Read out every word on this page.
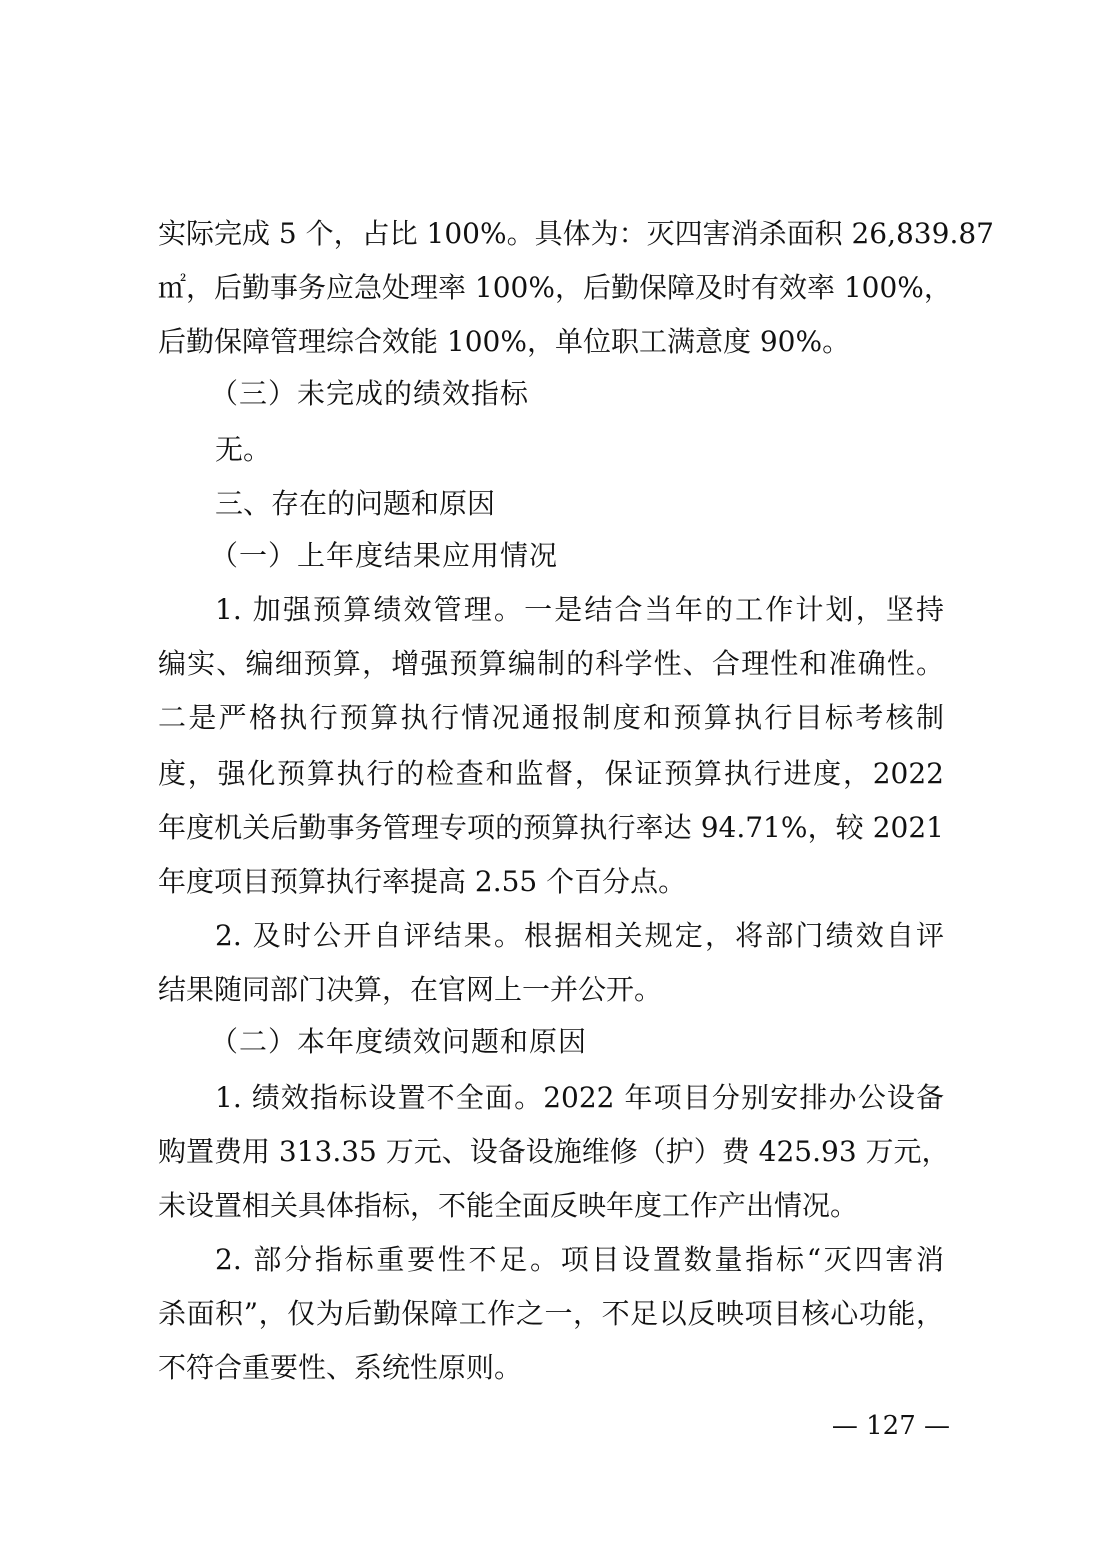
实际完成 5 个，占比 100%。具体为：灭四害消杀面积 26,839.87
㎡，后勤事务应急处理率 100%，后勤保障及时有效率 100%，
后勤保障管理综合效能 100%，单位职工满意度 90%。
（三）未完成的绩效指标
无。
三、存在的问题和原因
（一）上年度结果应用情况
1. 加强预算绩效管理。一是结合当年的工作计划，坚持
编实、编细预算，增强预算编制的科学性、合理性和准确性。
二是严格执行预算执行情况通报制度和预算执行目标考核制
度，强化预算执行的检查和监督，保证预算执行进度，2022
年度机关后勤事务管理专项的预算执行率达 94.71%，较 2021
年度项目预算执行率提高 2.55 个百分点。
2. 及时公开自评结果。根据相关规定，将部门绩效自评
结果随同部门决算，在官网上一并公开。
（二）本年度绩效问题和原因
1. 绩效指标设置不全面。2022 年项目分别安排办公设备
购置费用 313.35 万元、设备设施维修（护）费 425.93 万元，
未设置相关具体指标，不能全面反映年度工作产出情况。
2. 部分指标重要性不足。项目设置数量指标“灭四害消
杀面积”，仅为后勤保障工作之一，不足以反映项目核心功能，
不符合重要性、系统性原则。
— 127 —
